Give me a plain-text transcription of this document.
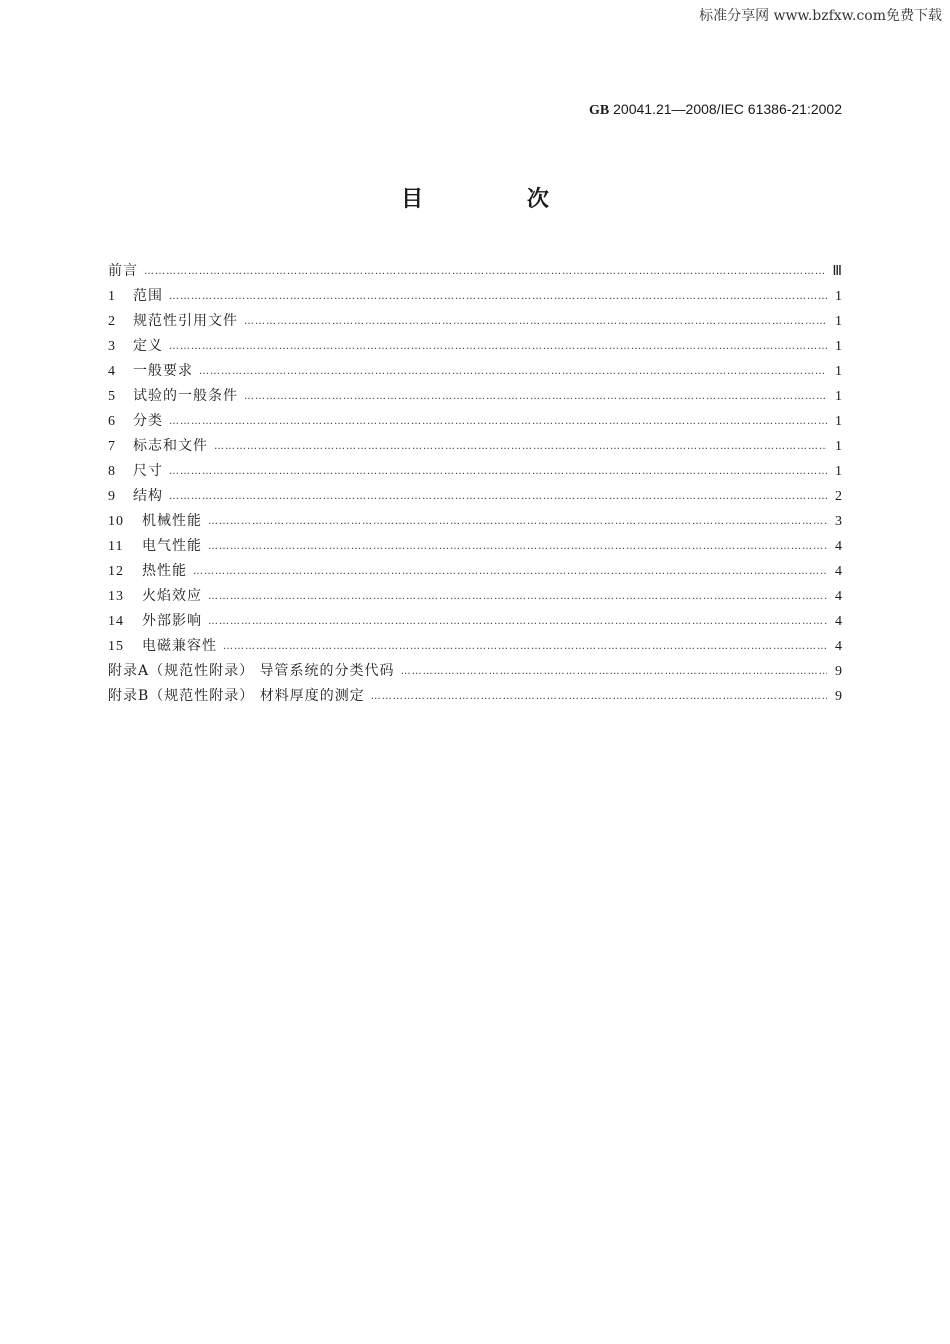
标准分享网 www.bzfxw.com免费下载
GB 20041.21—2008/IEC 61386-21:2002
目 次
前言 …………………………………………………………………………………………………………………………………………………………………………………………………………………	Ⅲ
1	范围 …………………………………………………………………………………………………………………………………………………………………………………………………………………	1
2	规范性引用文件 …………………………………………………………………………………………………………………………………………………………………………………………………………………	1
3	定义 …………………………………………………………………………………………………………………………………………………………………………………………………………………	1
4	一般要求 …………………………………………………………………………………………………………………………………………………………………………………………………………………	1
5	试验的一般条件 …………………………………………………………………………………………………………………………………………………………………………………………………………………	1
6	分类 …………………………………………………………………………………………………………………………………………………………………………………………………………………	1
7	标志和文件 …………………………………………………………………………………………………………………………………………………………………………………………………………………	1
8	尺寸 …………………………………………………………………………………………………………………………………………………………………………………………………………………	1
9	结构 …………………………………………………………………………………………………………………………………………………………………………………………………………………	2
10	机械性能 …………………………………………………………………………………………………………………………………………………………………………………………………………………	3
11	电气性能 …………………………………………………………………………………………………………………………………………………………………………………………………………………	4
12	热性能 …………………………………………………………………………………………………………………………………………………………………………………………………………………	4
13	火焰效应 …………………………………………………………………………………………………………………………………………………………………………………………………………………	4
14	外部影响 …………………………………………………………………………………………………………………………………………………………………………………………………………………	4
15	电磁兼容性 …………………………………………………………………………………………………………………………………………………………………………………………………………………	4
附录A（规范性附录） 导管系统的分类代码 …………………………………………………………………………………………………………………………………………………………………………………………………………………	9
附录B（规范性附录） 材料厚度的测定 …………………………………………………………………………………………………………………………………………………………………………………………………………………	9
